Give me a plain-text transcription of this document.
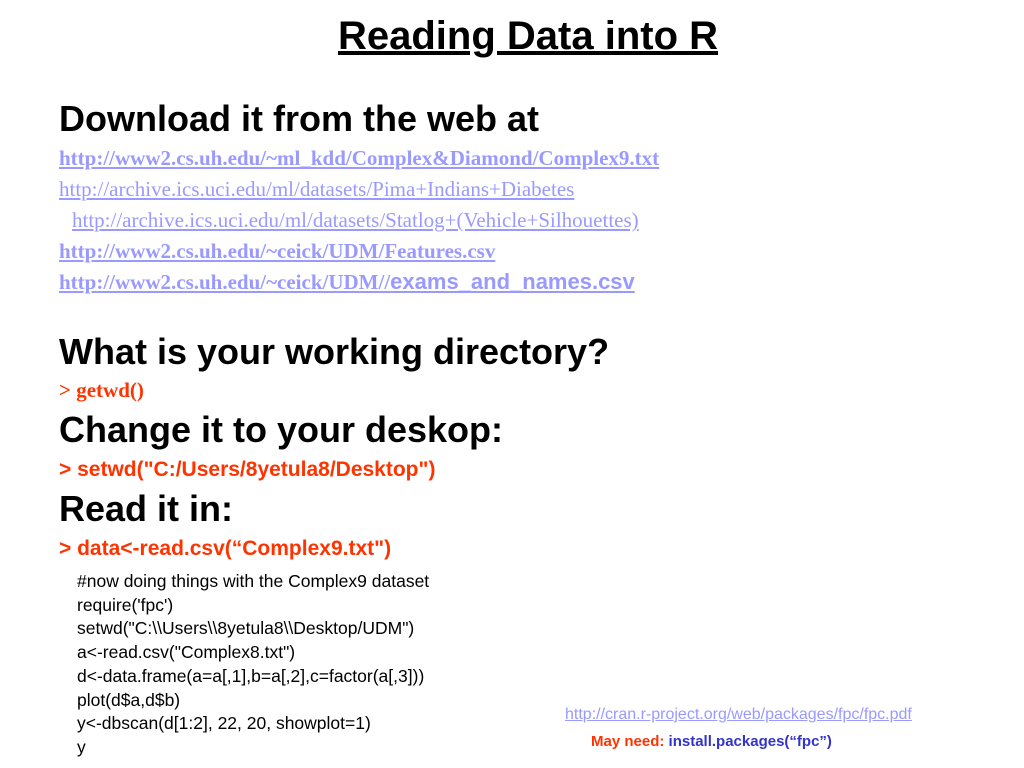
Reading Data into R
Download it from the web at
http://www2.cs.uh.edu/~ml_kdd/Complex&Diamond/Complex9.txt
http://archive.ics.uci.edu/ml/datasets/Pima+Indians+Diabetes
http://archive.ics.uci.edu/ml/datasets/Statlog+(Vehicle+Silhouettes)
http://www2.cs.uh.edu/~ceick/UDM/Features.csv
http://www2.cs.uh.edu/~ceick/UDM//exams_and_names.csv
What is your working directory?
> getwd()
Change it to your deskop:
> setwd("C:/Users/8yetula8/Desktop")
Read it in:
> data<-read.csv(“Complex9.txt")
#now doing things with the Complex9 dataset
require('fpc')
setwd("C:\\Users\\8yetula8\\Desktop/UDM")
a<-read.csv("Complex8.txt")
d<-data.frame(a=a[,1],b=a[,2],c=factor(a[,3]))
plot(d$a,d$b)
y<-dbscan(d[1:2], 22, 20, showplot=1)
y
http://cran.r-project.org/web/packages/fpc/fpc.pdf
May need: install.packages(“fpc”)
